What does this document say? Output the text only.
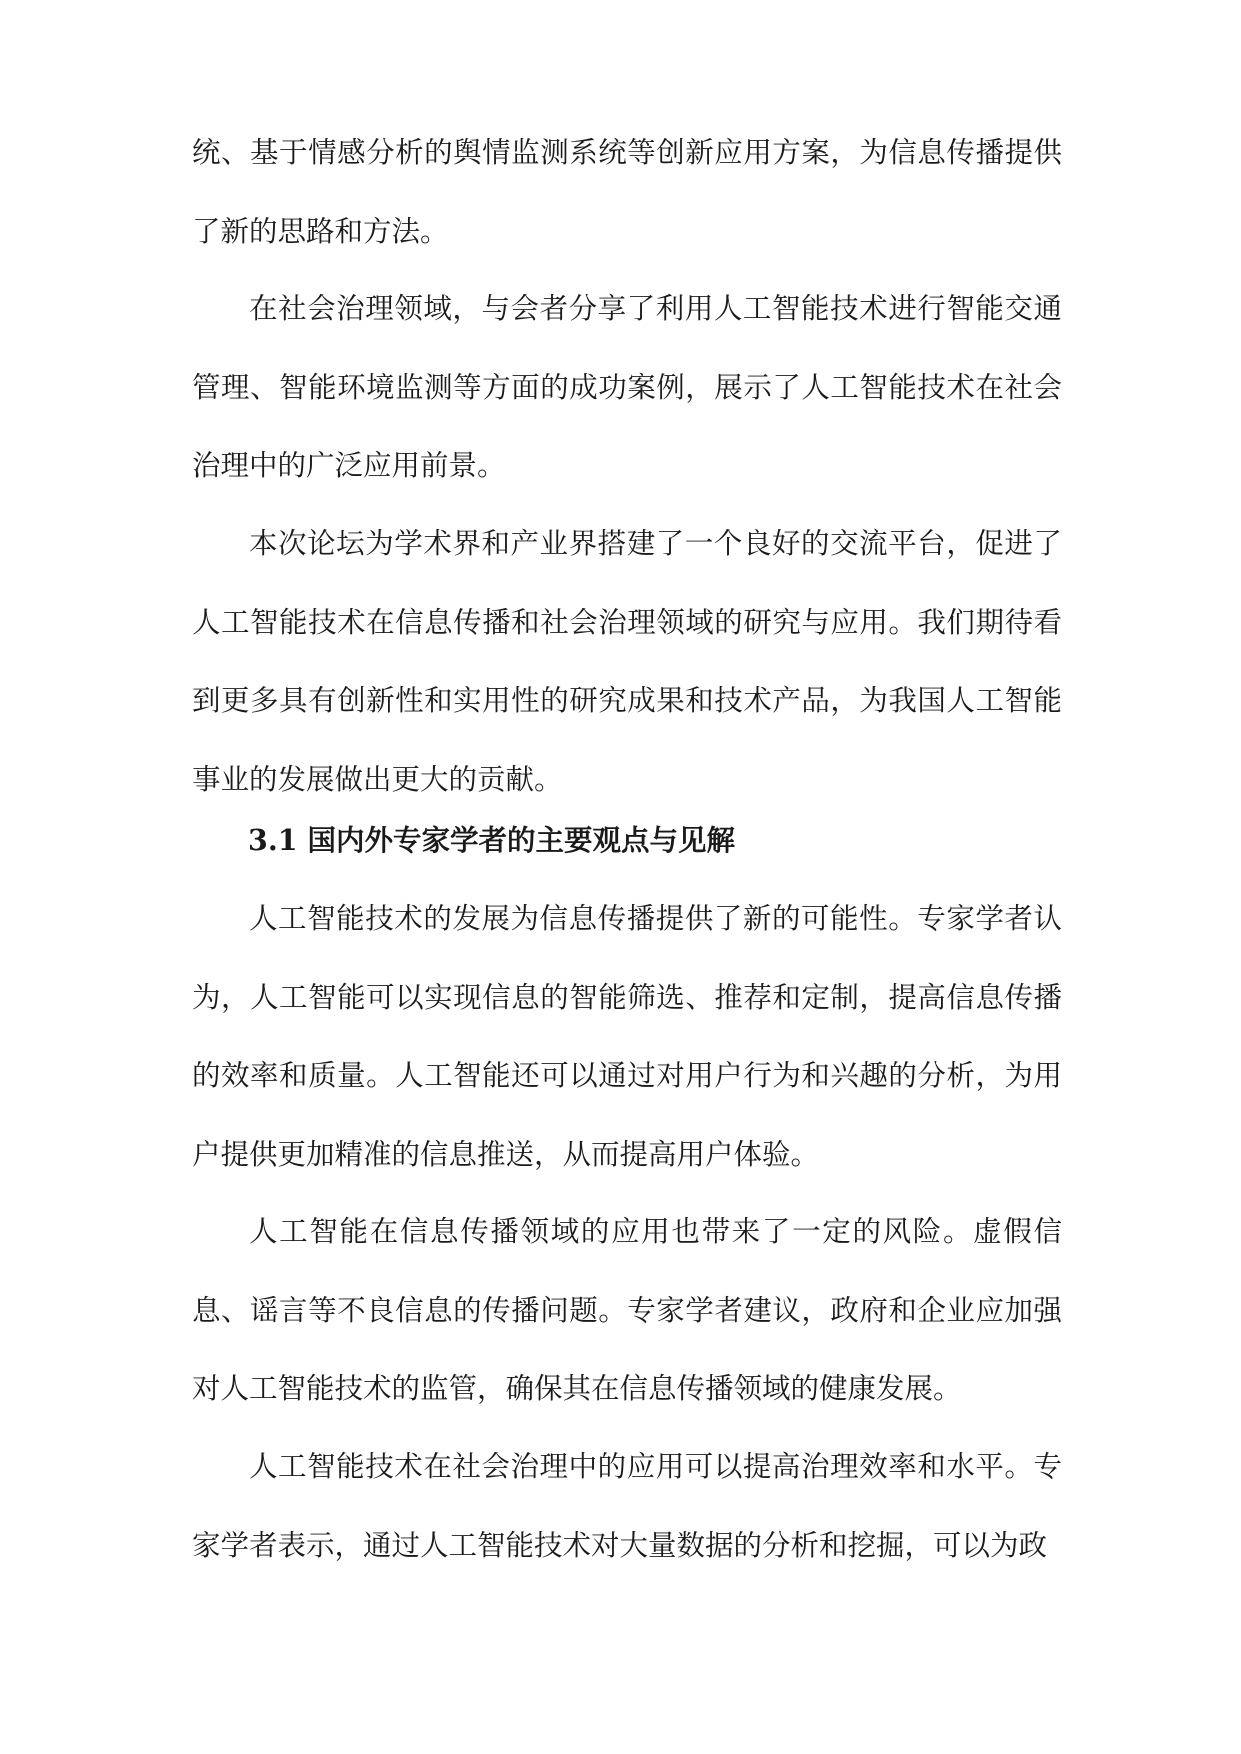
统、基于情感分析的舆情监测系统等创新应用方案，为信息传播提供了新的思路和方法。

在社会治理领域，与会者分享了利用人工智能技术进行智能交通管理、智能环境监测等方面的成功案例，展示了人工智能技术在社会治理中的广泛应用前景。

本次论坛为学术界和产业界搭建了一个良好的交流平台，促进了人工智能技术在信息传播和社会治理领域的研究与应用。我们期待看到更多具有创新性和实用性的研究成果和技术产品，为我国人工智能事业的发展做出更大的贡献。

3.1 国内外专家学者的主要观点与见解

人工智能技术的发展为信息传播提供了新的可能性。专家学者认为，人工智能可以实现信息的智能筛选、推荐和定制，提高信息传播的效率和质量。人工智能还可以通过对用户行为和兴趣的分析，为用户提供更加精准的信息推送，从而提高用户体验。

人工智能在信息传播领域的应用也带来了一定的风险。虚假信息、谣言等不良信息的传播问题。专家学者建议，政府和企业应加强对人工智能技术的监管，确保其在信息传播领域的健康发展。

人工智能技术在社会治理中的应用可以提高治理效率和水平。专家学者表示，通过人工智能技术对大量数据的分析和挖掘，可以为政
